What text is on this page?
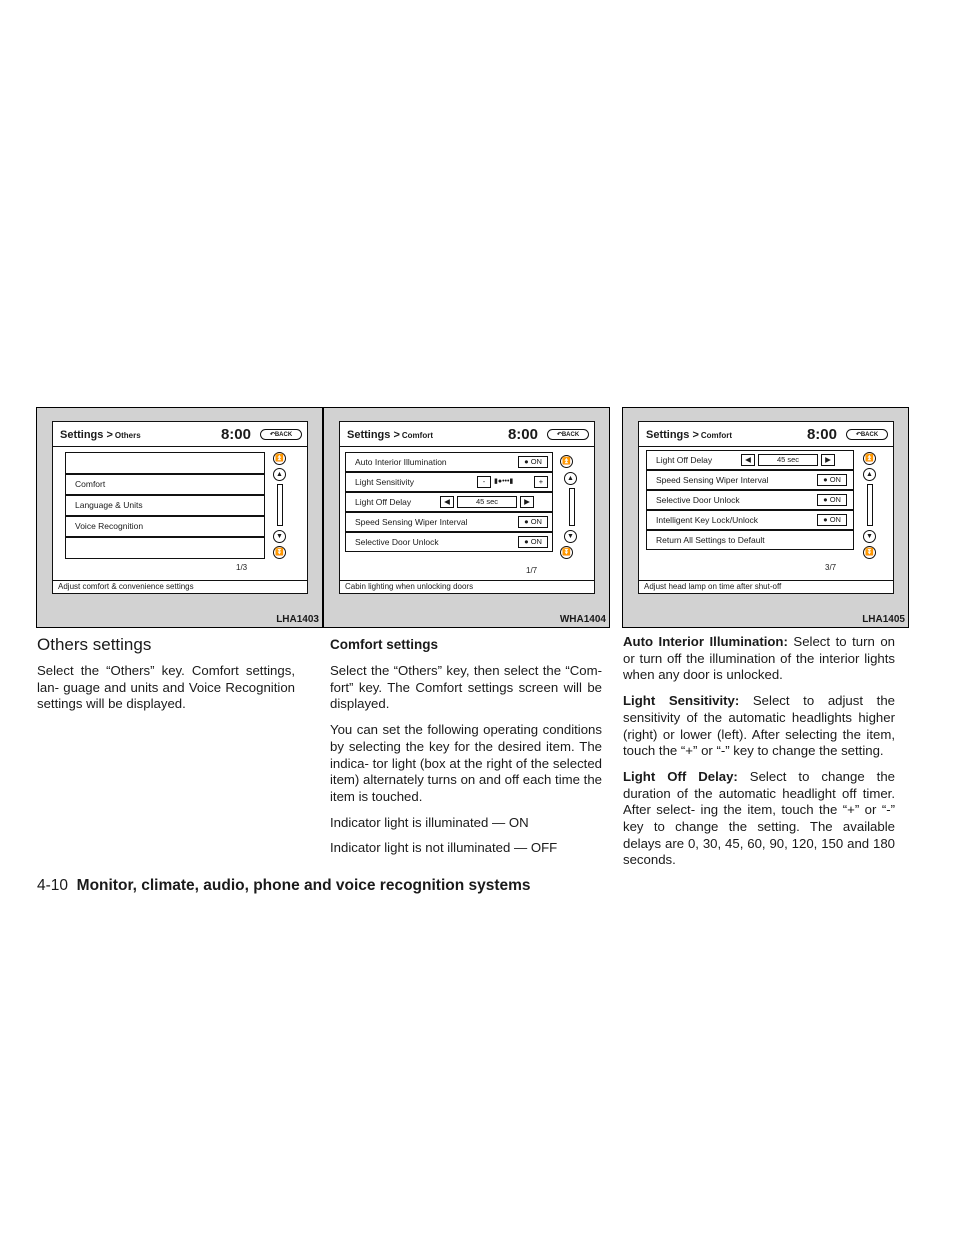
Settings > Others	8:00	↶BACK
Comfort
Language & Units
Voice Recognition
⏫
▲
▼
⏬
1/3
Adjust comfort & convenience settings
LHA1403
Settings > Comfort	8:00	↶BACK
Auto Interior Illumination	● ON
Light Sensitivity	-	▮●•••▮	+
Light Off Delay	◀	45 sec	▶
Speed Sensing Wiper Interval	● ON
Selective Door Unlock	● ON
⏫
▲
▼
⏬
1/7
Cabin lighting when unlocking doors
WHA1404
Settings > Comfort	8:00	↶BACK
Light Off Delay	◀	45 sec	▶
Speed Sensing Wiper Interval	● ON
Selective Door Unlock	● ON
Intelligent Key Lock/Unlock	● ON
Return All Settings to Default
⏫
▲
▼
⏬
3/7
Adjust head lamp on time after shut-off
LHA1405
Others settings

Select the “Others” key. Comfort settings, lan- guage and units and Voice Recognition settings will be displayed.

Comfort settings

Select the “Others” key, then select the “Com- fort” key. The Comfort settings screen will be displayed.

You can set the following operating conditions by selecting the key for the desired item. The indica- tor light (box at the right of the selected item) alternately turns on and off each time the item is touched.

Indicator light is illuminated — ON

Indicator light is not illuminated — OFF

Auto Interior Illumination: Select to turn on or turn off the illumination of the interior lights when any door is unlocked.

Light Sensitivity: Select to adjust the sensitivity of the automatic headlights higher (right) or lower (left). After selecting the item, touch the “+” or “-” key to change the setting.

Light Off Delay: Select to change the duration of the automatic headlight off timer. After select- ing the item, touch the “+” or “-” key to change the setting. The available delays are 0, 30, 45, 60, 90, 120, 150 and 180 seconds.

4-10 Monitor, climate, audio, phone and voice recognition systems
